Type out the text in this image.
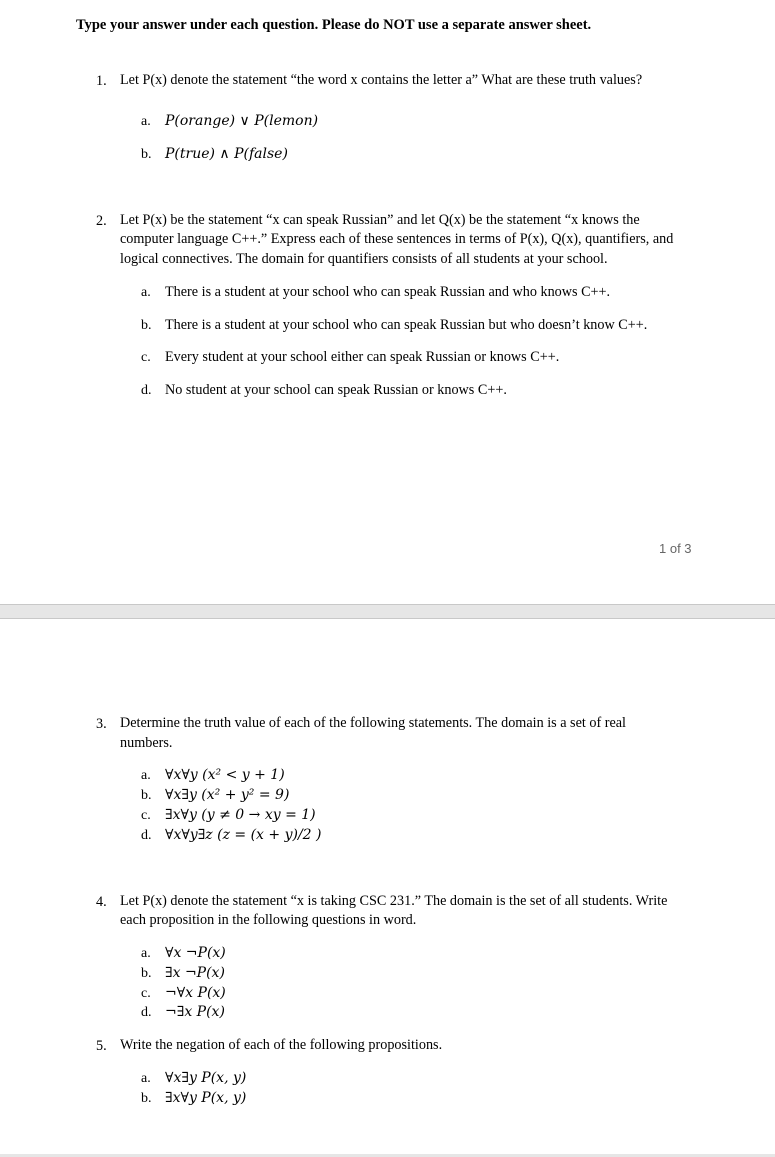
Type your answer under each question. Please do NOT use a separate answer sheet.
1. Let P(x) denote the statement “the word x contains the letter a” What are these truth values?
a. P(orange) ∨ P(lemon)
b. P(true) ∧ P(false)
2. Let P(x) be the statement “x can speak Russian” and let Q(x) be the statement “x knows the
computer language C++.” Express each of these sentences in terms of P(x), Q(x), quantifiers, and
logical connectives. The domain for quantifiers consists of all students at your school.
a. There is a student at your school who can speak Russian and who knows C++.
b. There is a student at your school who can speak Russian but who doesn’t know C++.
c. Every student at your school either can speak Russian or knows C++.
d. No student at your school can speak Russian or knows C++.
1 of 3
3. Determine the truth value of each of the following statements. The domain is a set of real
numbers.
a. ∀x∀y (x² < y + 1)
b. ∀x∃y (x² + y² = 9)
c. ∃x∀y (y ≠ 0 → xy = 1)
d. ∀x∀y∃z (z = (x + y)/2 )
4. Let P(x) denote the statement “x is taking CSC 231.” The domain is the set of all students. Write
each proposition in the following questions in word.
a. ∀x ¬P(x)
b. ∃x ¬P(x)
c. ¬∀x P(x)
d. ¬∃x P(x)
5. Write the negation of each of the following propositions.
a. ∀x∃y P(x, y)
b. ∃x∀y P(x, y)
